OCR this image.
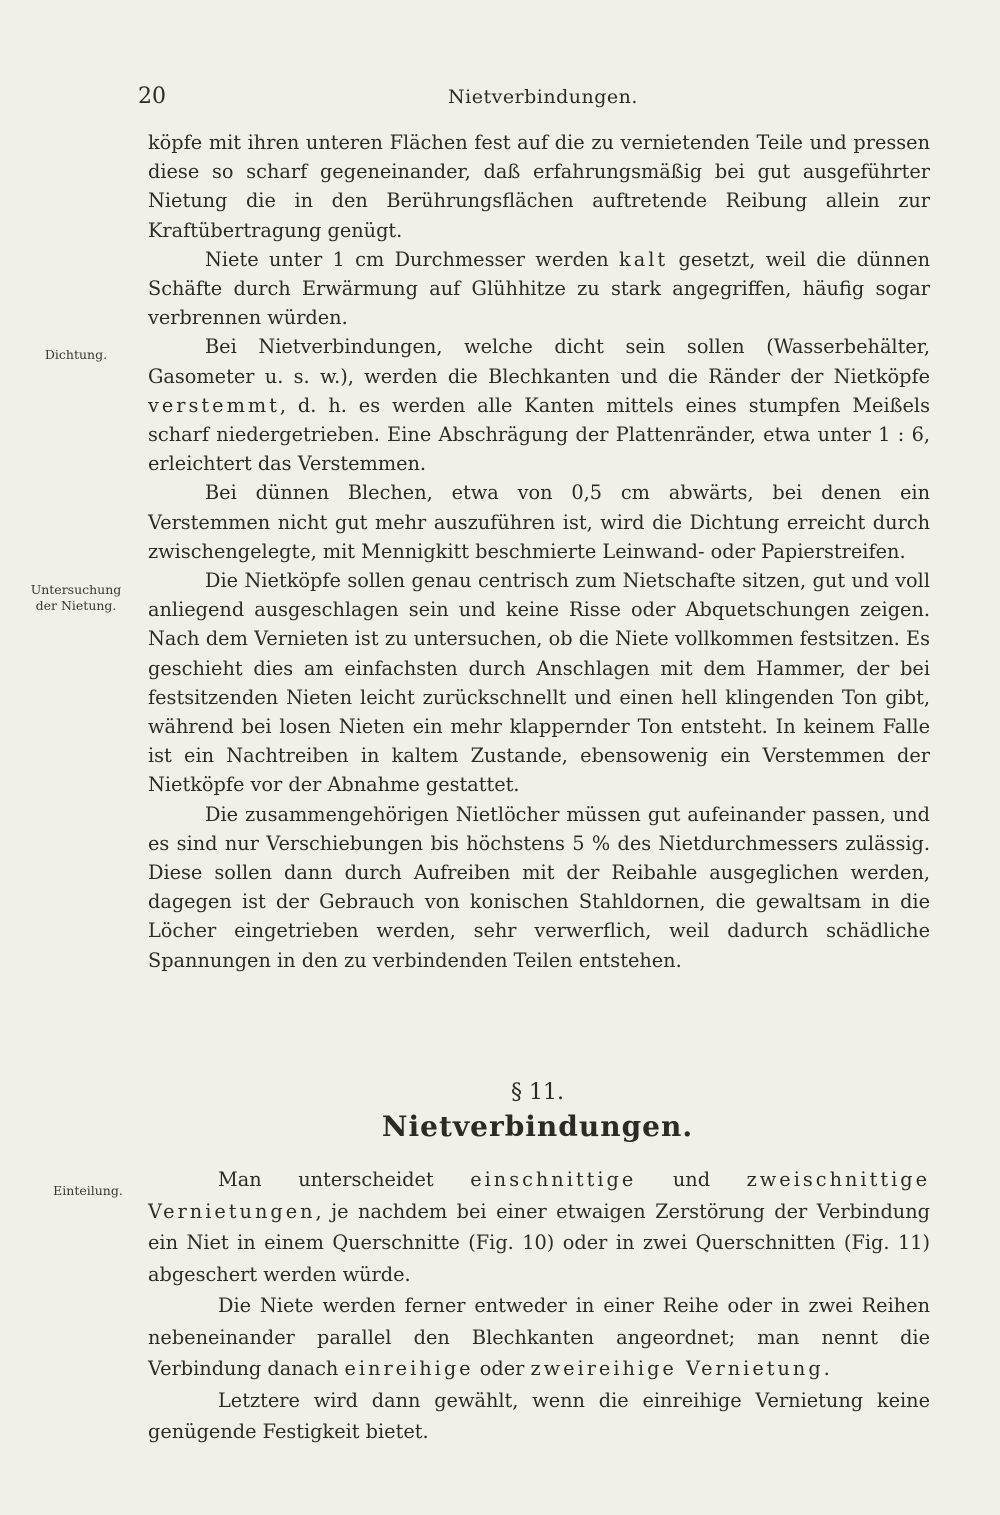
20	Nietverbindungen.
Dichtung.
Untersuchung
der Nietung.
Einteilung.

köpfe mit ihren unteren Flächen fest auf die zu vernietenden Teile und pressen diese so scharf gegeneinander, daß erfahrungsmäßig bei gut ausgeführter Nietung die in den Berührungsflächen auftretende Reibung allein zur Kraftübertragung genügt.

Niete unter 1 cm Durchmesser werden kalt gesetzt, weil die dünnen Schäfte durch Erwärmung auf Glühhitze zu stark angegriffen, häufig sogar verbrennen würden.

Bei Nietverbindungen, welche dicht sein sollen (Wasserbehälter, Gasometer u. s. w.), werden die Blechkanten und die Ränder der Nietköpfe verstemmt, d. h. es werden alle Kanten mittels eines stumpfen Meißels scharf niedergetrieben. Eine Abschrägung der Plattenränder, etwa unter 1 : 6, erleichtert das Verstemmen.

Bei dünnen Blechen, etwa von 0,5 cm abwärts, bei denen ein Verstemmen nicht gut mehr auszuführen ist, wird die Dichtung erreicht durch zwischengelegte, mit Mennigkitt beschmierte Leinwand- oder Papierstreifen.

Die Nietköpfe sollen genau centrisch zum Nietschafte sitzen, gut und voll anliegend ausgeschlagen sein und keine Risse oder Abquetschungen zeigen. Nach dem Vernieten ist zu untersuchen, ob die Niete vollkommen festsitzen. Es geschieht dies am einfachsten durch Anschlagen mit dem Hammer, der bei festsitzenden Nieten leicht zurückschnellt und einen hell klingenden Ton gibt, während bei losen Nieten ein mehr klappernder Ton entsteht. In keinem Falle ist ein Nachtreiben in kaltem Zustande, ebensowenig ein Verstemmen der Nietköpfe vor der Abnahme gestattet.

Die zusammengehörigen Nietlöcher müssen gut aufeinander passen, und es sind nur Verschiebungen bis höchstens 5 % des Nietdurchmessers zulässig. Diese sollen dann durch Aufreiben mit der Reibahle ausgeglichen werden, dagegen ist der Gebrauch von konischen Stahldornen, die gewaltsam in die Löcher eingetrieben werden, sehr verwerflich, weil dadurch schädliche Spannungen in den zu verbindenden Teilen entstehen.

§ 11.
Nietverbindungen.

Man unterscheidet einschnittige und zweischnittige Vernietungen, je nachdem bei einer etwaigen Zerstörung der Verbindung ein Niet in einem Querschnitte (Fig. 10) oder in zwei Querschnitten (Fig. 11) abgeschert werden würde.

Die Niete werden ferner entweder in einer Reihe oder in zwei Reihen nebeneinander parallel den Blechkanten angeordnet; man nennt die Verbindung danach einreihige oder zweireihige Vernietung.

Letztere wird dann gewählt, wenn die einreihige Vernietung keine genügende Festigkeit bietet.
